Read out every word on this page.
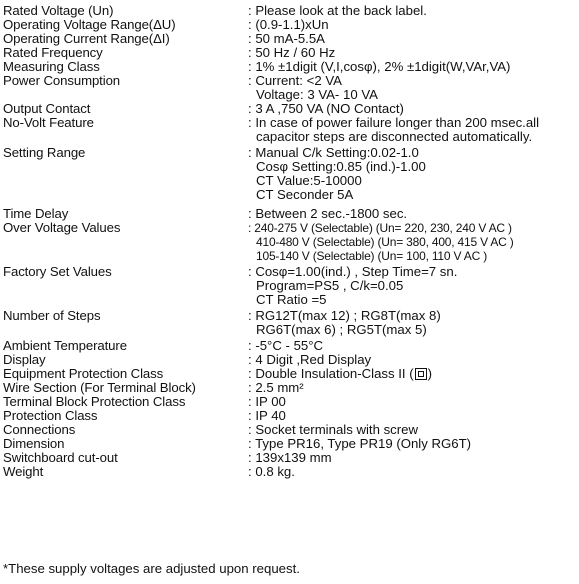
Rated Voltage (Un)	: Please look at the back label.
Operating Voltage Range(ΔU)	: (0.9-1.1)xUn
Operating Current Range(ΔI)	: 50 mA-5.5A
Rated Frequency	: 50 Hz / 60 Hz
Measuring Class	: 1% ±1digit (V,I,cosφ), 2% ±1digit(W,VAr,VA)
Power Consumption	: Current: <2 VA
Voltage: 3 VA- 10 VA
Output Contact	: 3 A ,750 VA (NO Contact)
No-Volt Feature	: In case of power failure longer than 200 msec.all
capacitor steps are disconnected automatically.
Setting Range	: Manual C/k Setting:0.02-1.0
Cosφ Setting:0.85 (ind.)-1.00
CT Value:5-10000
CT Seconder 5A
Time Delay	: Between 2 sec.-1800 sec.
Over Voltage Values	: 240-275 V (Selectable) (Un= 220, 230, 240 V AC )
410-480 V (Selectable) (Un= 380, 400, 415 V AC )
105-140 V (Selectable) (Un= 100, 110 V AC )
Factory Set Values	: Cosφ=1.00(ind.) , Step Time=7 sn.
Program=PS5 , C/k=0.05
CT Ratio =5
Number of Steps	: RG12T(max 12) ; RG8T(max 8)
RG6T(max 6) ; RG5T(max 5)
Ambient Temperature	: -5°C - 55°C
Display	: 4 Digit ,Red Display
Equipment Protection Class	: Double Insulation-Class II ( )
Wire Section (For Terminal Block)	: 2.5 mm²
Terminal Block Protection Class	: IP 00
Protection Class	: IP 40
Connections	: Socket terminals with screw
Dimension	: Type PR16, Type PR19 (Only RG6T)
Switchboard cut-out	: 139x139 mm
Weight	: 0.8 kg.
*These supply voltages are adjusted upon request.
